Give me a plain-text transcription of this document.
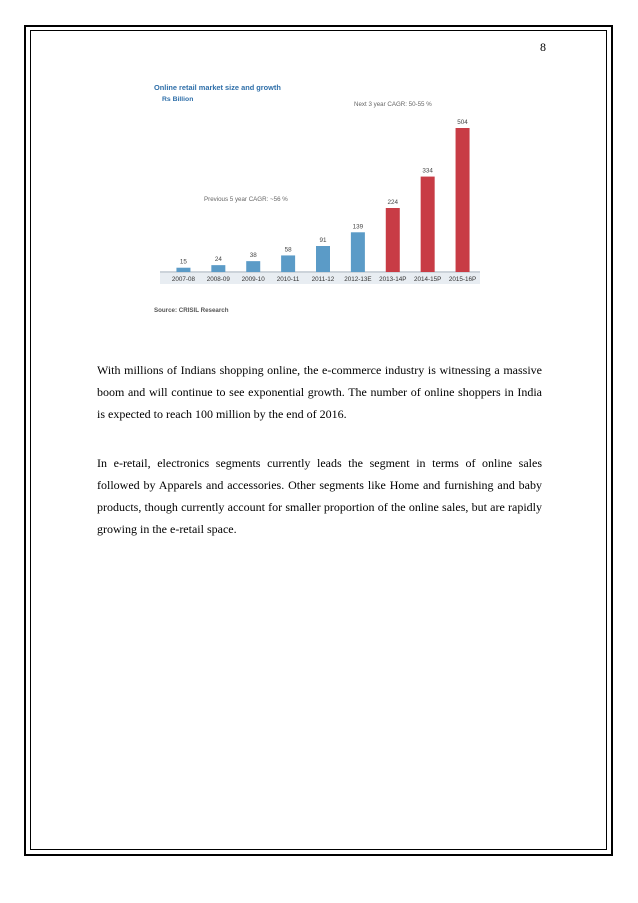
8
Online retail market size and growth
Rs Billion
Next 3 year CAGR: 50-55 %
Previous 5 year CAGR: ~56 %
15
2007-08
24
2008-09
38
2009-10
58
2010-11
91
2011-12
139
2012-13E
224
2013-14P
334
2014-15P
504
2015-16P
Source: CRISIL Research
With millions of Indians shopping online, the e-commerce industry is witnessing a massive boom and will continue to see exponential growth. The number of online shoppers in India is expected to reach 100 million by the end of 2016.
In e-retail, electronics segments currently leads the segment in terms of online sales followed by Apparels and accessories. Other segments like Home and furnishing and baby products, though currently account for smaller proportion of the online sales, but are rapidly growing in the e-retail space.
